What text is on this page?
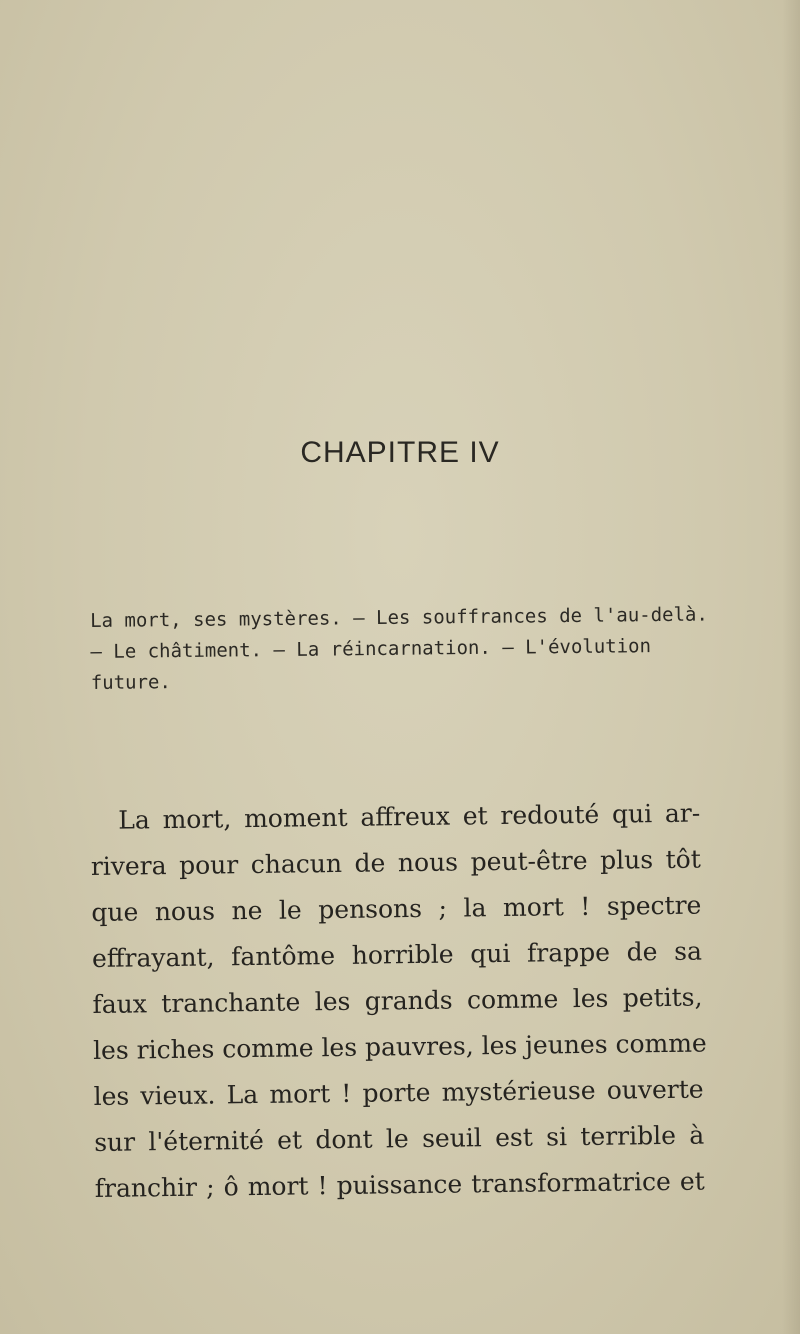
CHAPITRE IV
La mort, ses mystères. — Les souffrances de l'au-delà.
— Le châtiment. — La réincarnation. — L'évolution
future.
La mort, moment affreux et redouté qui ar-
rivera pour chacun de nous peut-être plus tôt
que nous ne le pensons ; la mort ! spectre
effrayant, fantôme horrible qui frappe de sa
faux tranchante les grands comme les petits,
les riches comme les pauvres, les jeunes comme
les vieux. La mort ! porte mystérieuse ouverte
sur l'éternité et dont le seuil est si terrible à
franchir ; ô mort ! puissance transformatrice et
